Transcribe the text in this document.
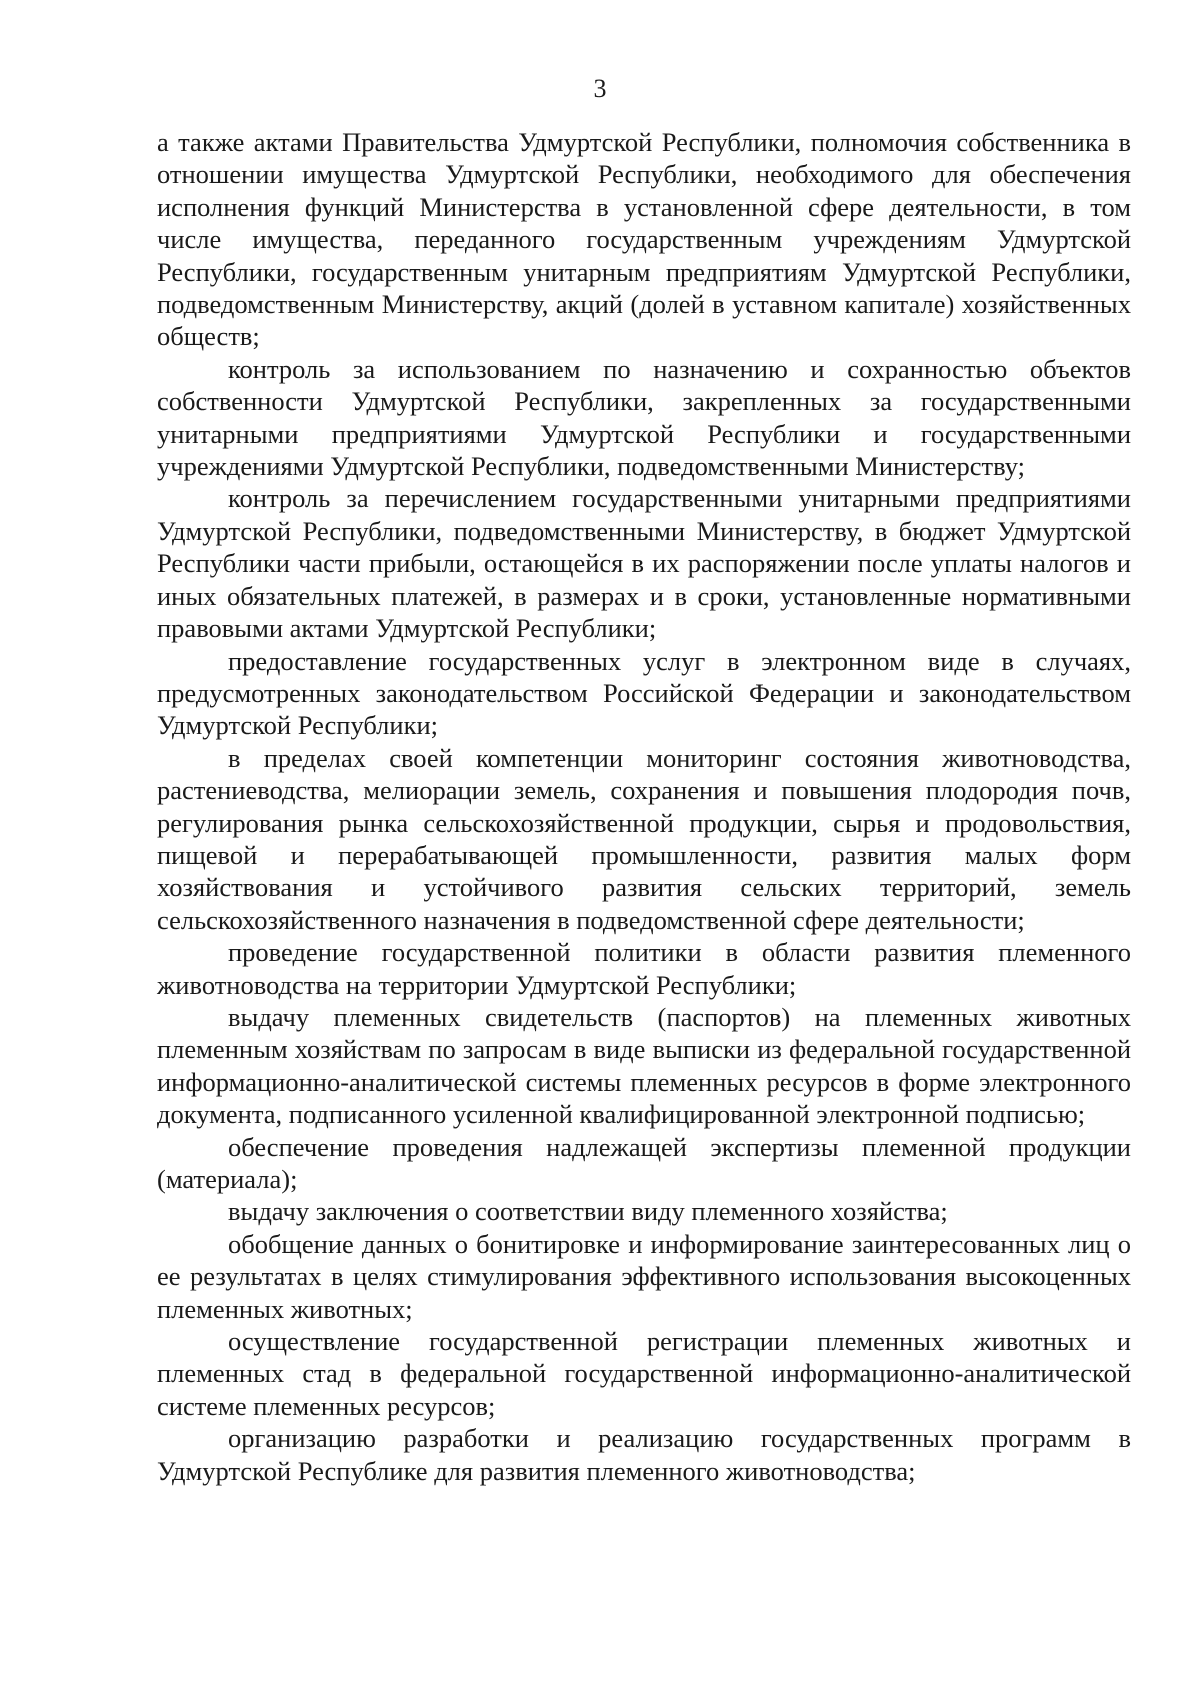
3

а также актами Правительства Удмуртской Республики, полномочия собственника в отношении имущества Удмуртской Республики, необходимого для обеспечения исполнения функций Министерства в установленной сфере деятельности, в том числе имущества, переданного государственным учреждениям Удмуртской Республики, государственным унитарным предприятиям Удмуртской Республики, подведомственным Министерству, акций (долей в уставном капитале) хозяйственных обществ;

контроль за использованием по назначению и сохранностью объектов собственности Удмуртской Республики, закрепленных за государственными унитарными предприятиями Удмуртской Республики и государственными учреждениями Удмуртской Республики, подведомственными Министерству;

контроль за перечислением государственными унитарными предприятиями Удмуртской Республики, подведомственными Министерству, в бюджет Удмуртской Республики части прибыли, остающейся в их распоряжении после уплаты налогов и иных обязательных платежей, в размерах и в сроки, установленные нормативными правовыми актами Удмуртской Республики;

предоставление государственных услуг в электронном виде в случаях, предусмотренных законодательством Российской Федерации и законодательством Удмуртской Республики;

в пределах своей компетенции мониторинг состояния животноводства, растениеводства, мелиорации земель, сохранения и повышения плодородия почв, регулирования рынка сельскохозяйственной продукции, сырья и продовольствия, пищевой и перерабатывающей промышленности, развития малых форм хозяйствования и устойчивого развития сельских территорий, земель сельскохозяйственного назначения в подведомственной сфере деятельности;

проведение государственной политики в области развития племенного животноводства на территории Удмуртской Республики;

выдачу племенных свидетельств (паспортов) на племенных животных племенным хозяйствам по запросам в виде выписки из федеральной государственной информационно-аналитической системы племенных ресурсов в форме электронного документа, подписанного усиленной квалифицированной электронной подписью;

обеспечение проведения надлежащей экспертизы племенной продукции (материала);

выдачу заключения о соответствии виду племенного хозяйства;

обобщение данных о бонитировке и информирование заинтересованных лиц о ее результатах в целях стимулирования эффективного использования высокоценных племенных животных;

осуществление государственной регистрации племенных животных и племенных стад в федеральной государственной информационно-аналитической системе племенных ресурсов;

организацию разработки и реализацию государственных программ в Удмуртской Республике для развития племенного животноводства;
